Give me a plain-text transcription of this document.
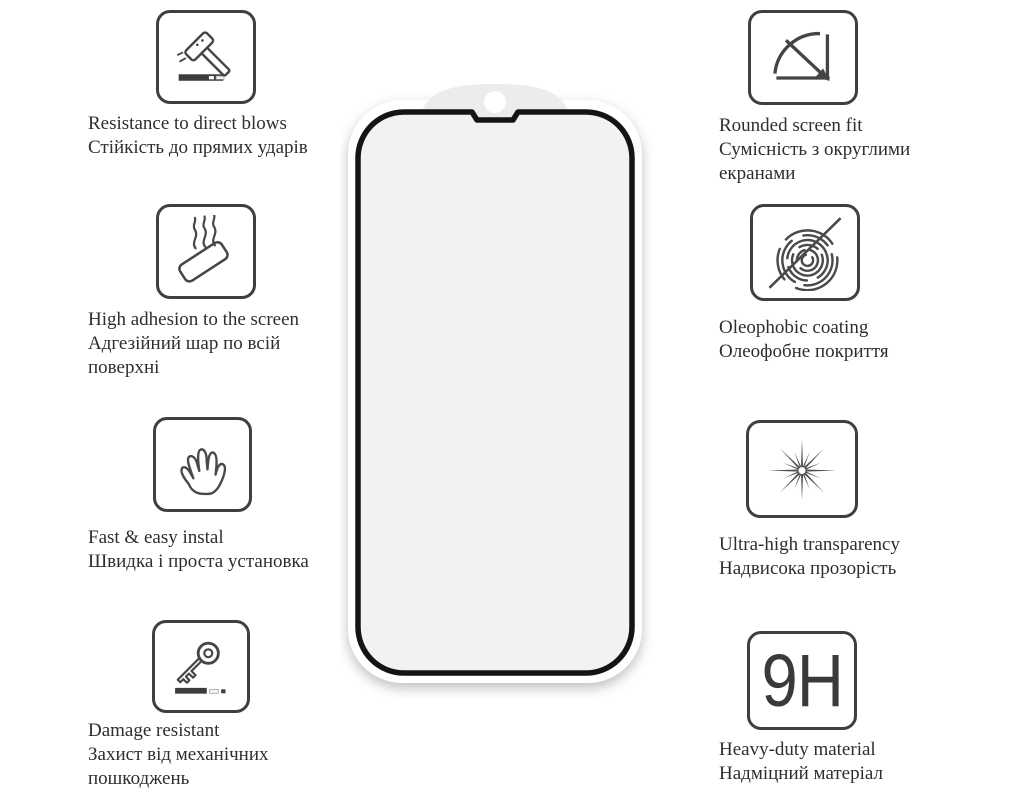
Resistance to direct blows
Стійкість до прямих ударів
High adhesion to the screen
Адгезійний шар по всій поверхні
Fast & easy instal
Швидка і проста установка
Damage resistant
Захист від механічних пошкоджень
Rounded screen fit
Сумісність з округлими екранами
Oleophobic coating
Олеофобне покриття
Ultra-high transparency
Надвисока прозорість
9H
Heavy-duty material
Надміцний матеріал
